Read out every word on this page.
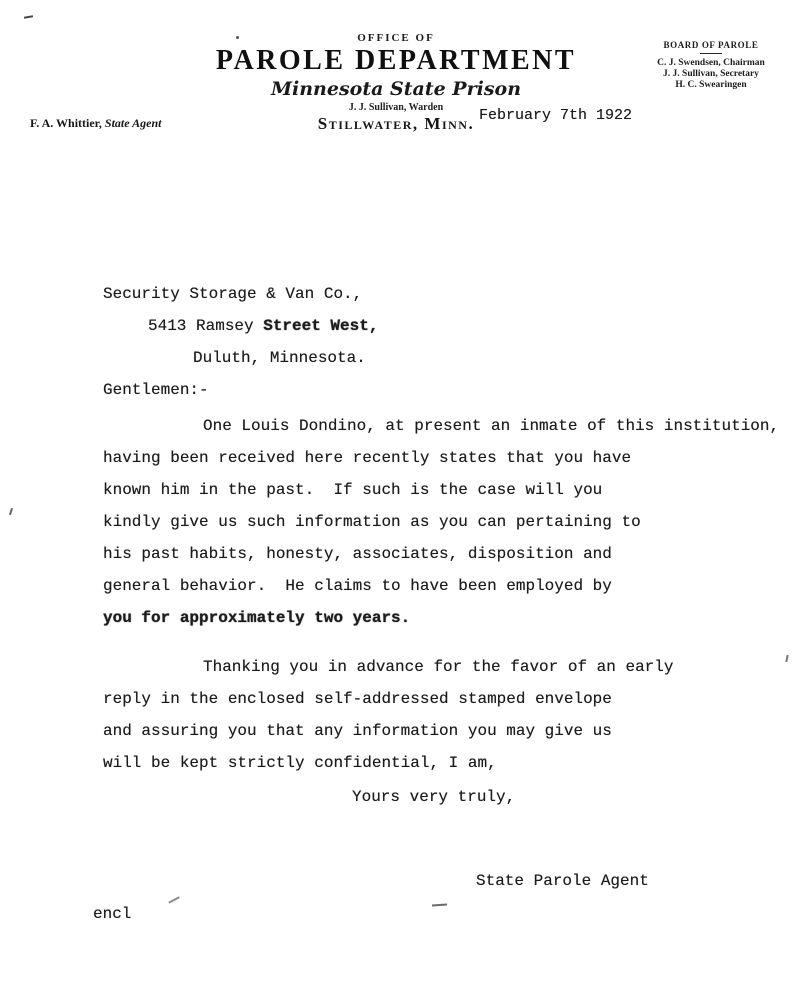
OFFICE OF
PAROLE DEPARTMENT
Minnesota State Prison
J. J. Sullivan, Warden
Stillwater, Minn.
BOARD OF PAROLE
C. J. Swendsen, Chairman
J. J. Sullivan, Secretary
H. C. Swearingen
F. A. Whittier, State Agent	February 7th 1922
Security Storage & Van Co.,
5413 Ramsey Street West,
Duluth, Minnesota.
Gentlemen:-
One Louis Dondino, at present an inmate of this institution,
having been received here recently states that you have
known him in the past.  If such is the case will you
kindly give us such information as you can pertaining to
his past habits, honesty, associates, disposition and
general behavior.  He claims to have been employed by
you for approximately two years.
Thanking you in advance for the favor of an early
reply in the enclosed self-addressed stamped envelope
and assuring you that any information you may give us
will be kept strictly confidential, I am,
Yours very truly,
State Parole Agent
encl
